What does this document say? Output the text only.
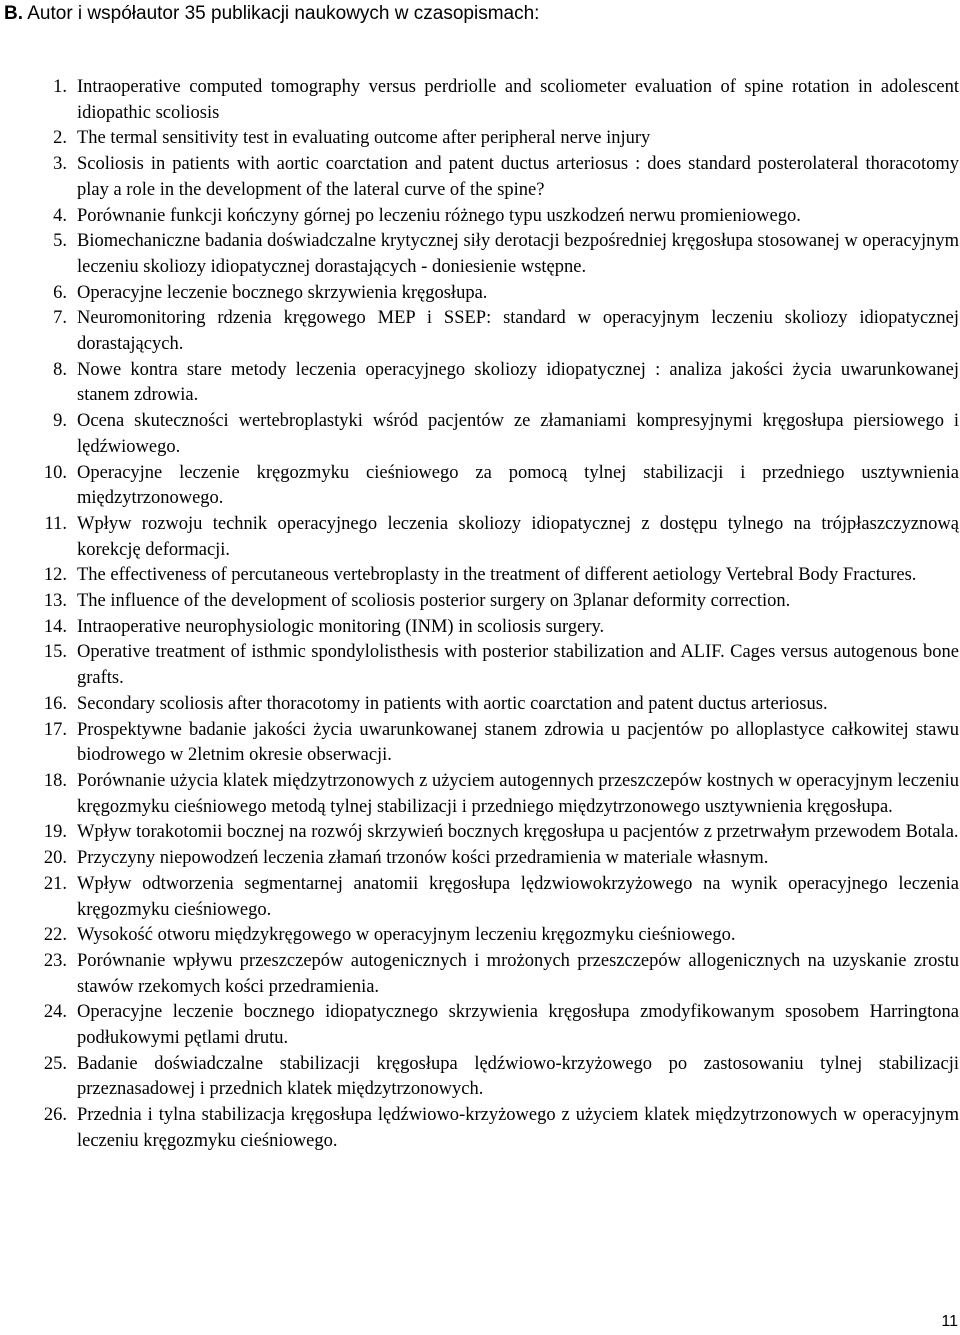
B. Autor i współautor 35 publikacji naukowych w czasopismach:
1. Intraoperative computed tomography versus perdriolle and scoliometer evaluation of spine rotation in adolescent idiopathic scoliosis
2. The termal sensitivity test in evaluating outcome after peripheral nerve injury
3. Scoliosis in patients with aortic coarctation and patent ductus arteriosus : does standard posterolateral thoracotomy play a role in the development of the lateral curve of the spine?
4. Porównanie funkcji kończyny górnej po leczeniu różnego typu uszkodzeń nerwu promieniowego.
5. Biomechaniczne badania doświadczalne krytycznej siły derotacji bezpośredniej kręgosłupa stosowanej w operacyjnym leczeniu skoliozy idiopatycznej dorastających - doniesienie wstępne.
6. Operacyjne leczenie bocznego skrzywienia kręgosłupa.
7. Neuromonitoring rdzenia kręgowego MEP i SSEP: standard w operacyjnym leczeniu skoliozy idiopatycznej dorastających.
8. Nowe kontra stare metody leczenia operacyjnego skoliozy idiopatycznej : analiza jakości życia uwarunkowanej stanem zdrowia.
9. Ocena skuteczności wertebroplastyki wśród pacjentów ze złamaniami kompresyjnymi kręgosłupa piersiowego i lędźwiowego.
10. Operacyjne leczenie kręgozmyku cieśniowego za pomocą tylnej stabilizacji i przedniego usztywnienia międzytrzonowego.
11. Wpływ rozwoju technik operacyjnego leczenia skoliozy idiopatycznej z dostępu tylnego na trójpłaszczyznową korekcję deformacji.
12. The effectiveness of percutaneous vertebroplasty in the treatment of different aetiology Vertebral Body Fractures.
13. The influence of the development of scoliosis posterior surgery on 3planar deformity correction.
14. Intraoperative neurophysiologic monitoring (INM) in scoliosis surgery.
15. Operative treatment of isthmic spondylolisthesis with posterior stabilization and ALIF. Cages versus autogenous bone grafts.
16. Secondary scoliosis after thoracotomy in patients with aortic coarctation and patent ductus arteriosus.
17. Prospektywne badanie jakości życia uwarunkowanej stanem zdrowia u pacjentów po alloplastyce całkowitej stawu biodrowego w 2letnim okresie obserwacji.
18. Porównanie użycia klatek międzytrzonowych z użyciem autogennych przeszczepów kostnych w operacyjnym leczeniu kręgozmyku cieśniowego metodą tylnej stabilizacji i przedniego międzytrzonowego usztywnienia kręgosłupa.
19. Wpływ torakotomii bocznej na rozwój skrzywień bocznych kręgosłupa u pacjentów z przetrwałym przewodem Botala.
20. Przyczyny niepowodzeń leczenia złamań trzonów kości przedramienia w materiale własnym.
21. Wpływ odtworzenia segmentarnej anatomii kręgosłupa lędzwiowokrzyżowego na wynik operacyjnego leczenia kręgozmyku cieśniowego.
22. Wysokość otworu międzykręgowego w operacyjnym leczeniu kręgozmyku cieśniowego.
23. Porównanie wpływu przeszczepów autogenicznych i mrożonych przeszczepów allogenicznych na uzyskanie zrostu stawów rzekomych kości przedramienia.
24. Operacyjne leczenie bocznego idiopatycznego skrzywienia kręgosłupa zmodyfikowanym sposobem Harringtona podłukowymi pętlami drutu.
25. Badanie doświadczalne stabilizacji kręgosłupa lędźwiowo-krzyżowego po zastosowaniu tylnej stabilizacji przeznasadowej i przednich klatek międzytrzonowych.
26. Przednia i tylna stabilizacja kręgosłupa lędźwiowo-krzyżowego z użyciem klatek międzytrzonowych w operacyjnym leczeniu kręgozmyku cieśniowego.
11
